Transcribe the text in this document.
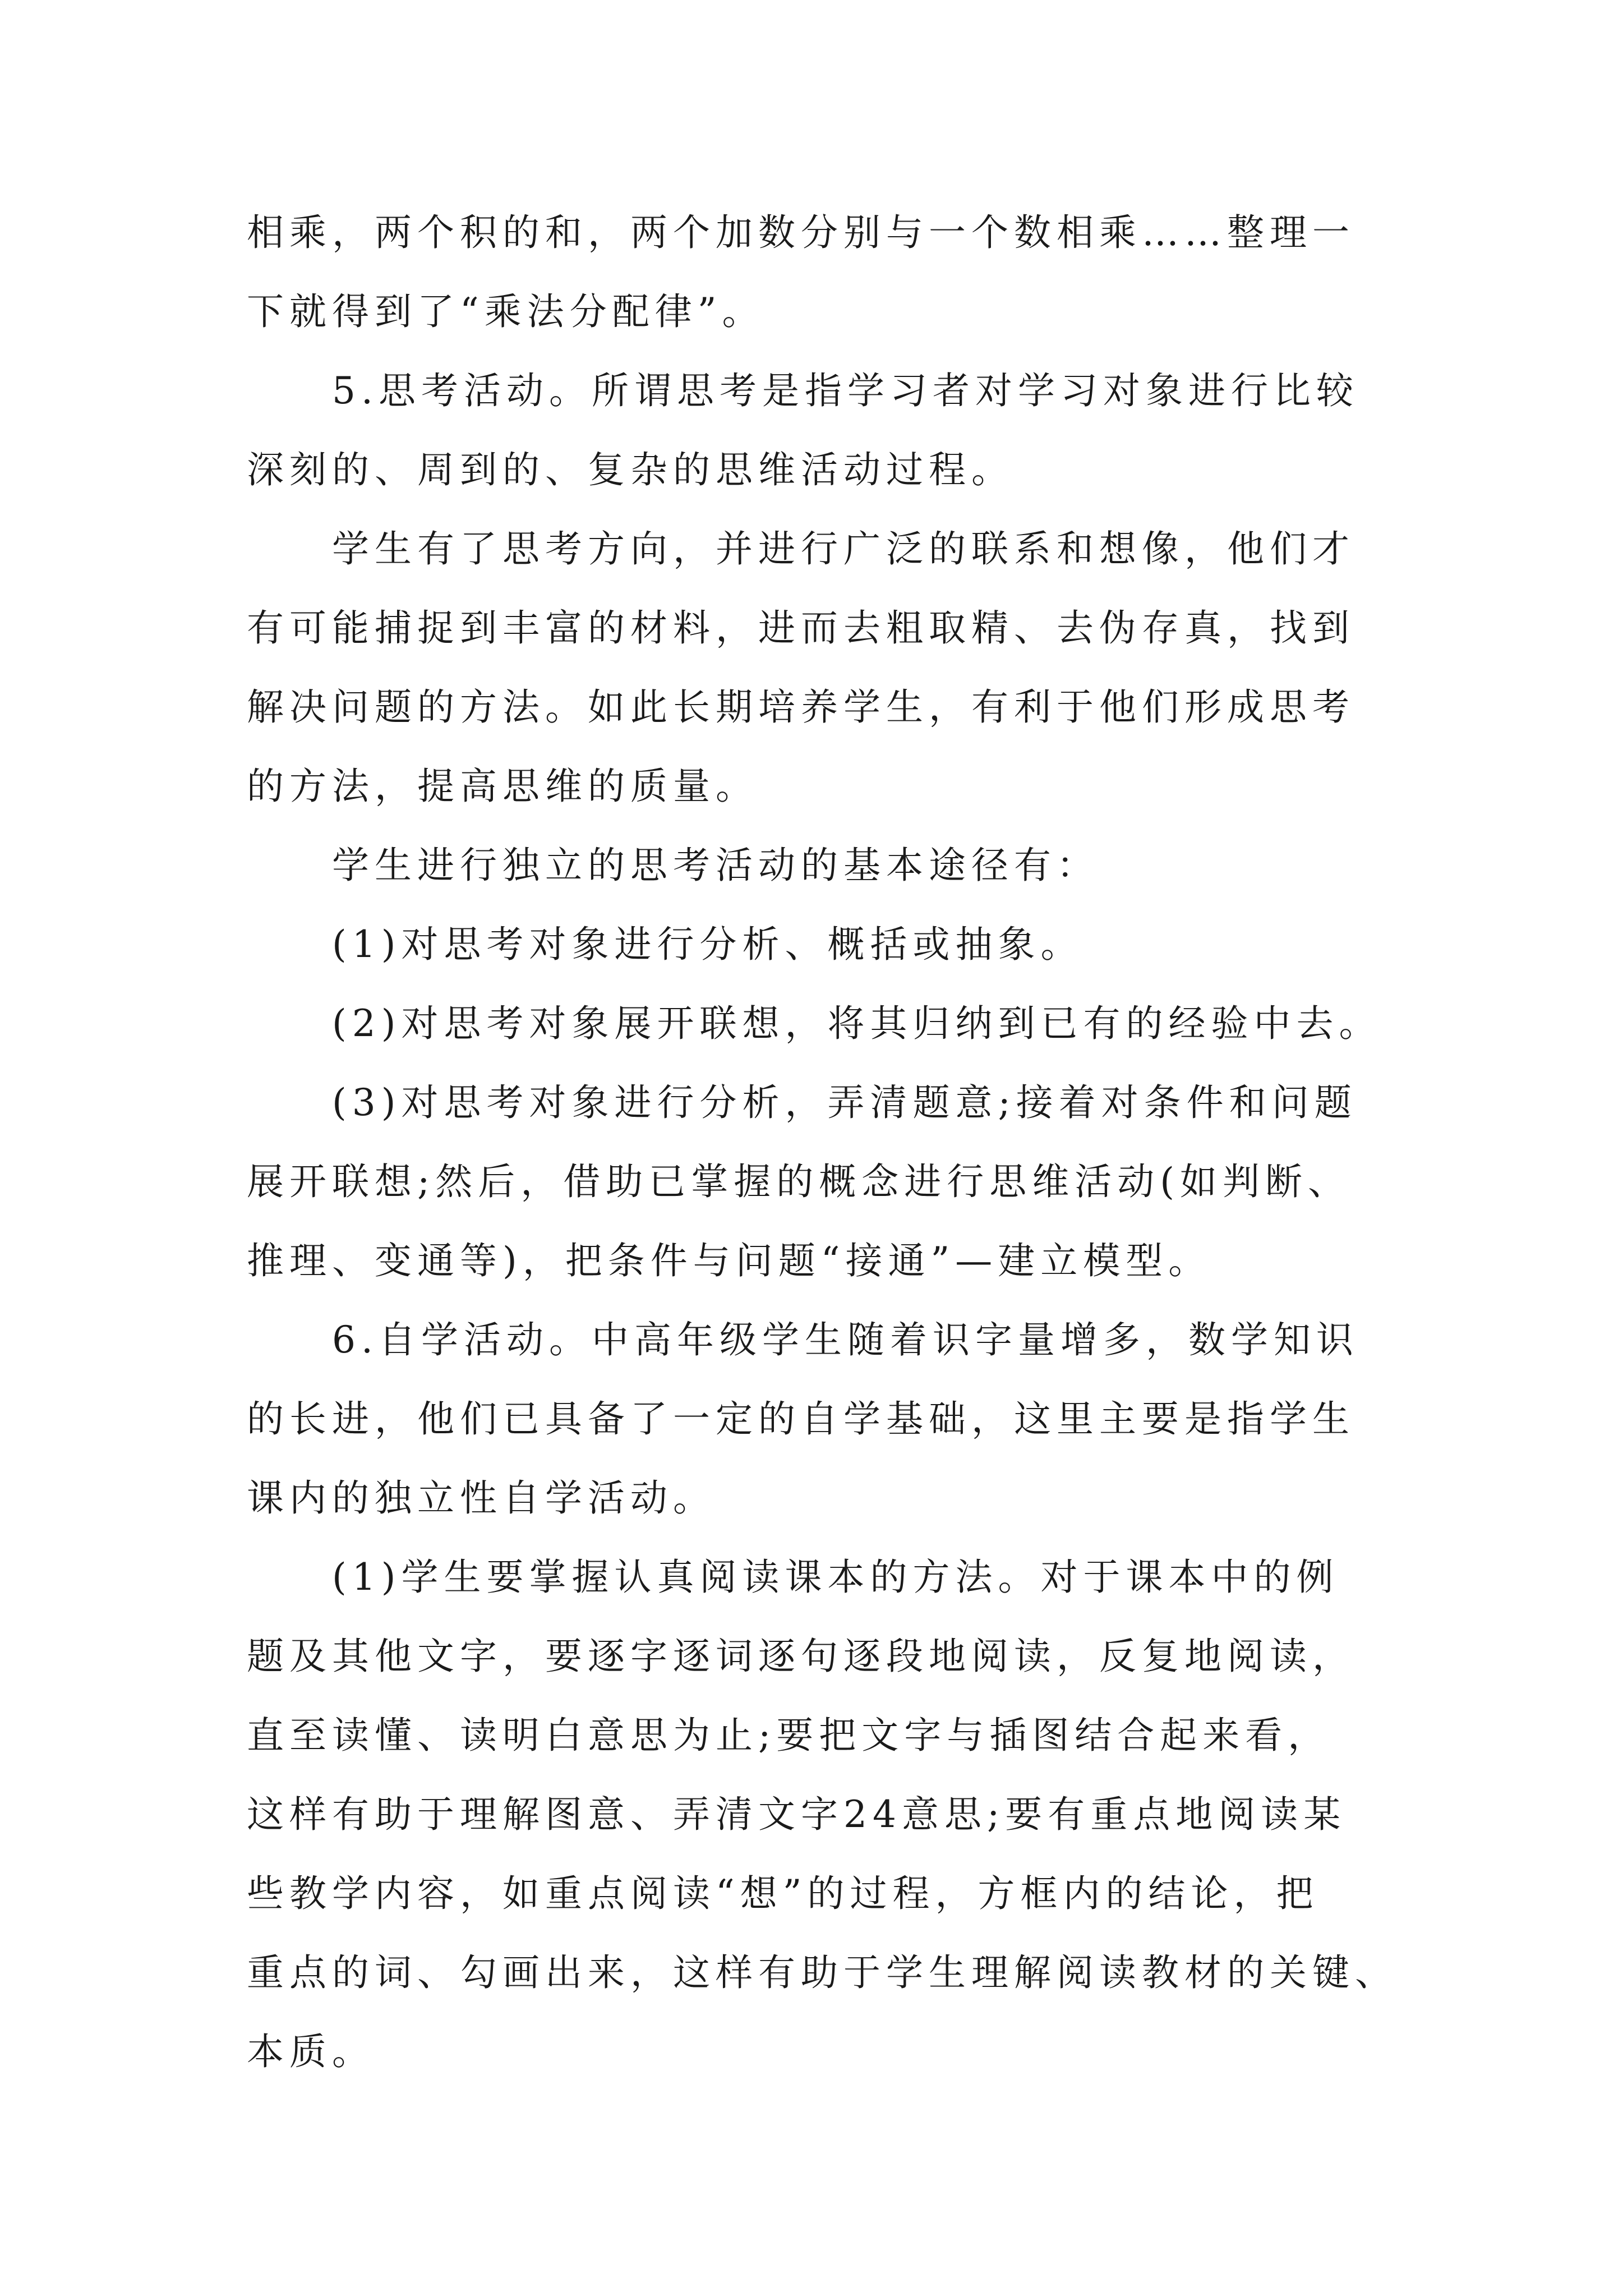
相乘，两个积的和，两个加数分别与一个数相乘……整理一

下就得到了“乘法分配律”。

5.思考活动。所谓思考是指学习者对学习对象进行比较

深刻的、周到的、复杂的思维活动过程。

学生有了思考方向，并进行广泛的联系和想像，他们才

有可能捕捉到丰富的材料，进而去粗取精、去伪存真，找到

解决问题的方法。如此长期培养学生，有利于他们形成思考

的方法，提高思维的质量。

学生进行独立的思考活动的基本途径有：

(1)对思考对象进行分析、概括或抽象。

(2)对思考对象展开联想，将其归纳到已有的经验中去。

(3)对思考对象进行分析，弄清题意;接着对条件和问题

展开联想;然后，借助已掌握的概念进行思维活动(如判断、

推理、变通等)，把条件与问题“接通”—建立模型。

6.自学活动。中高年级学生随着识字量增多，数学知识

的长进，他们已具备了一定的自学基础，这里主要是指学生

课内的独立性自学活动。

(1)学生要掌握认真阅读课本的方法。对于课本中的例

题及其他文字，要逐字逐词逐句逐段地阅读，反复地阅读，

直至读懂、读明白意思为止;要把文字与插图结合起来看，

这样有助于理解图意、弄清文字24意思;要有重点地阅读某

些教学内容，如重点阅读“想”的过程，方框内的结论，把

重点的词、勾画出来，这样有助于学生理解阅读教材的关键、

本质。
